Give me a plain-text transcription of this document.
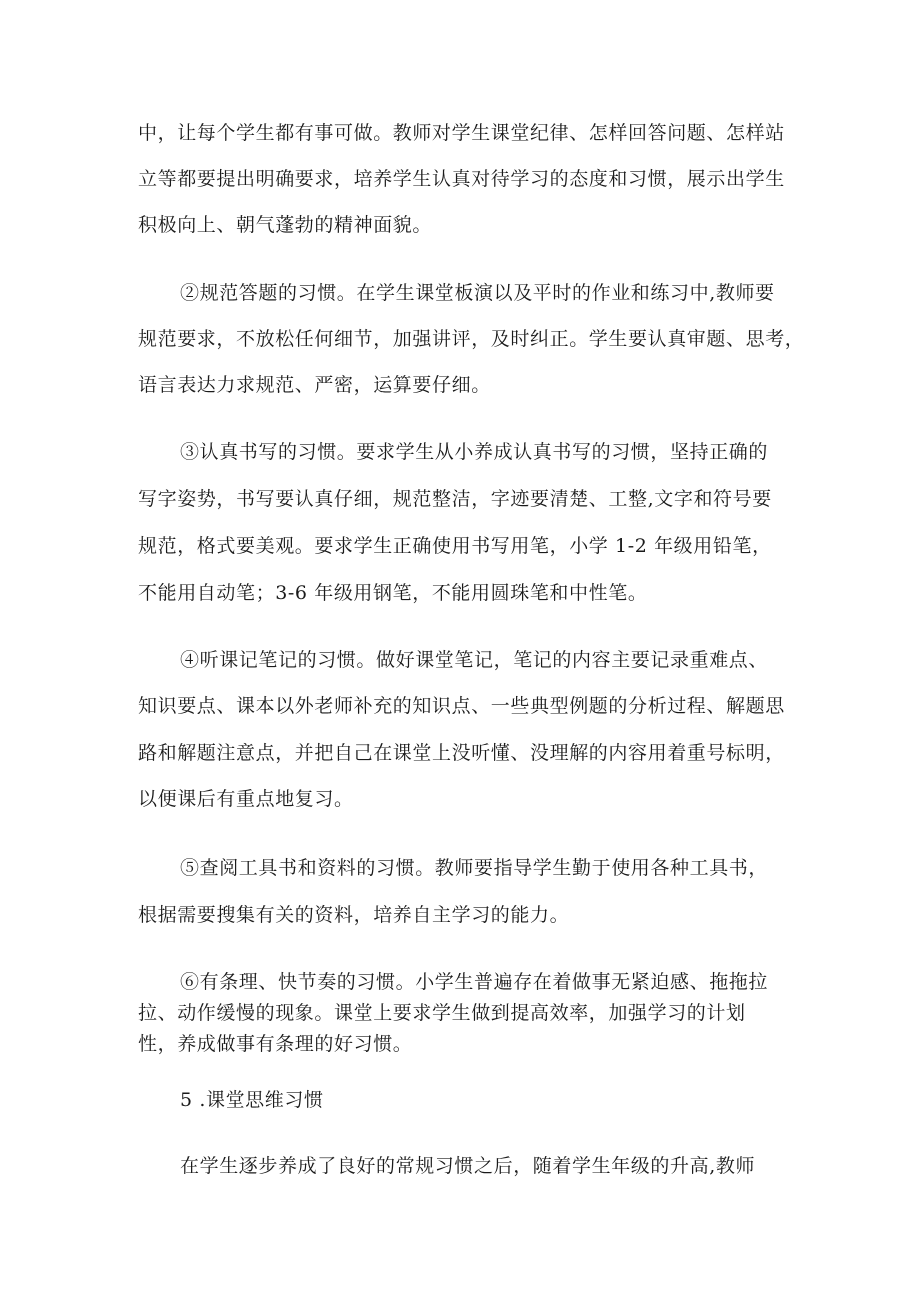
中，让每个学生都有事可做。教师对学生课堂纪律、怎样回答问题、怎样站
立等都要提出明确要求，培养学生认真对待学习的态度和习惯，展示出学生
积极向上、朝气蓬勃的精神面貌。
②规范答题的习惯。在学生课堂板演以及平时的作业和练习中,教师要
规范要求，不放松任何细节，加强讲评，及时纠正。学生要认真审题、思考，
语言表达力求规范、严密，运算要仔细。
③认真书写的习惯。要求学生从小养成认真书写的习惯，坚持正确的
写字姿势，书写要认真仔细，规范整洁，字迹要清楚、工整,文字和符号要
规范，格式要美观。要求学生正确使用书写用笔，小学 1-2 年级用铅笔，
不能用自动笔；3-6 年级用钢笔，不能用圆珠笔和中性笔。
④听课记笔记的习惯。做好课堂笔记，笔记的内容主要记录重难点、
知识要点、课本以外老师补充的知识点、一些典型例题的分析过程、解题思
路和解题注意点，并把自己在课堂上没听懂、没理解的内容用着重号标明，
以便课后有重点地复习。
⑤查阅工具书和资料的习惯。教师要指导学生勤于使用各种工具书，
根据需要搜集有关的资料，培养自主学习的能力。
⑥有条理、快节奏的习惯。小学生普遍存在着做事无紧迫感、拖拖拉
拉、动作缓慢的现象。课堂上要求学生做到提高效率，加强学习的计划
性，养成做事有条理的好习惯。
5 .课堂思维习惯
在学生逐步养成了良好的常规习惯之后，随着学生年级的升高,教师
